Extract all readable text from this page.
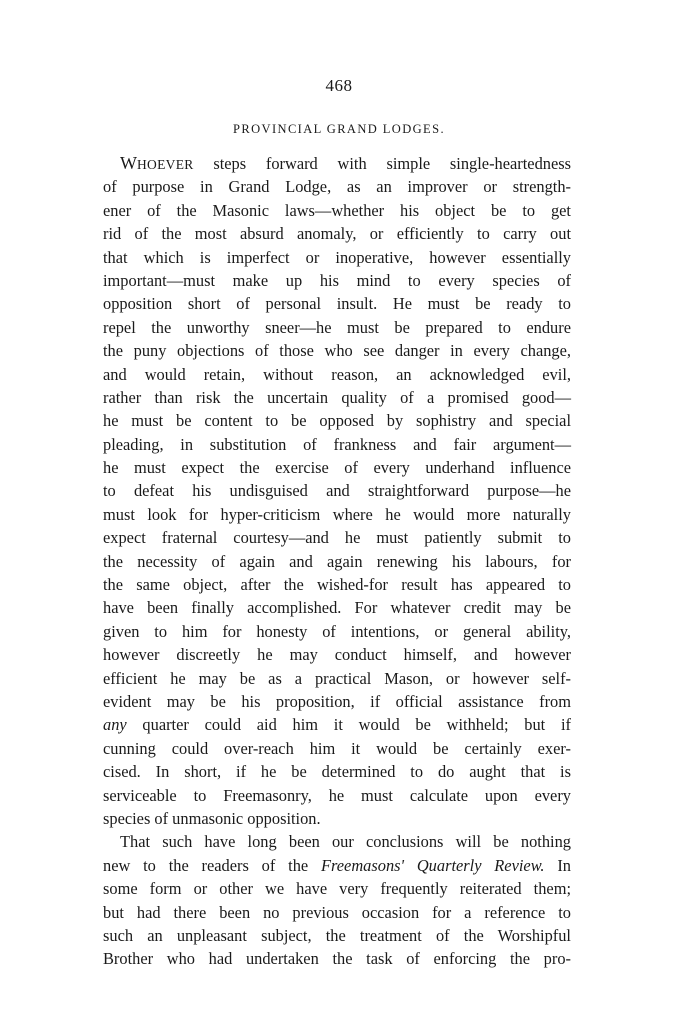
468
PROVINCIAL GRAND LODGES.
WHOEVER steps forward with simple single-heartedness
of purpose in Grand Lodge, as an improver or strength-
ener of the Masonic laws—whether his object be to get
rid of the most absurd anomaly, or efficiently to carry out
that which is imperfect or inoperative, however essentially
important—must make up his mind to every species of
opposition short of personal insult. He must be ready to
repel the unworthy sneer—he must be prepared to endure
the puny objections of those who see danger in every change,
and would retain, without reason, an acknowledged evil,
rather than risk the uncertain quality of a promised good—
he must be content to be opposed by sophistry and special
pleading, in substitution of frankness and fair argument—
he must expect the exercise of every underhand influence
to defeat his undisguised and straightforward purpose—he
must look for hyper-criticism where he would more naturally
expect fraternal courtesy—and he must patiently submit to
the necessity of again and again renewing his labours, for
the same object, after the wished-for result has appeared to
have been finally accomplished. For whatever credit may be
given to him for honesty of intentions, or general ability,
however discreetly he may conduct himself, and however
efficient he may be as a practical Mason, or however self-
evident may be his proposition, if official assistance from
any quarter could aid him it would be withheld; but if
cunning could over-reach him it would be certainly exer-
cised. In short, if he be determined to do aught that is
serviceable to Freemasonry, he must calculate upon every
species of unmasonic opposition.
That such have long been our conclusions will be nothing
new to the readers of the Freemasons' Quarterly Review. In
some form or other we have very frequently reiterated them;
but had there been no previous occasion for a reference to
such an unpleasant subject, the treatment of the Worshipful
Brother who had undertaken the task of enforcing the pro-
